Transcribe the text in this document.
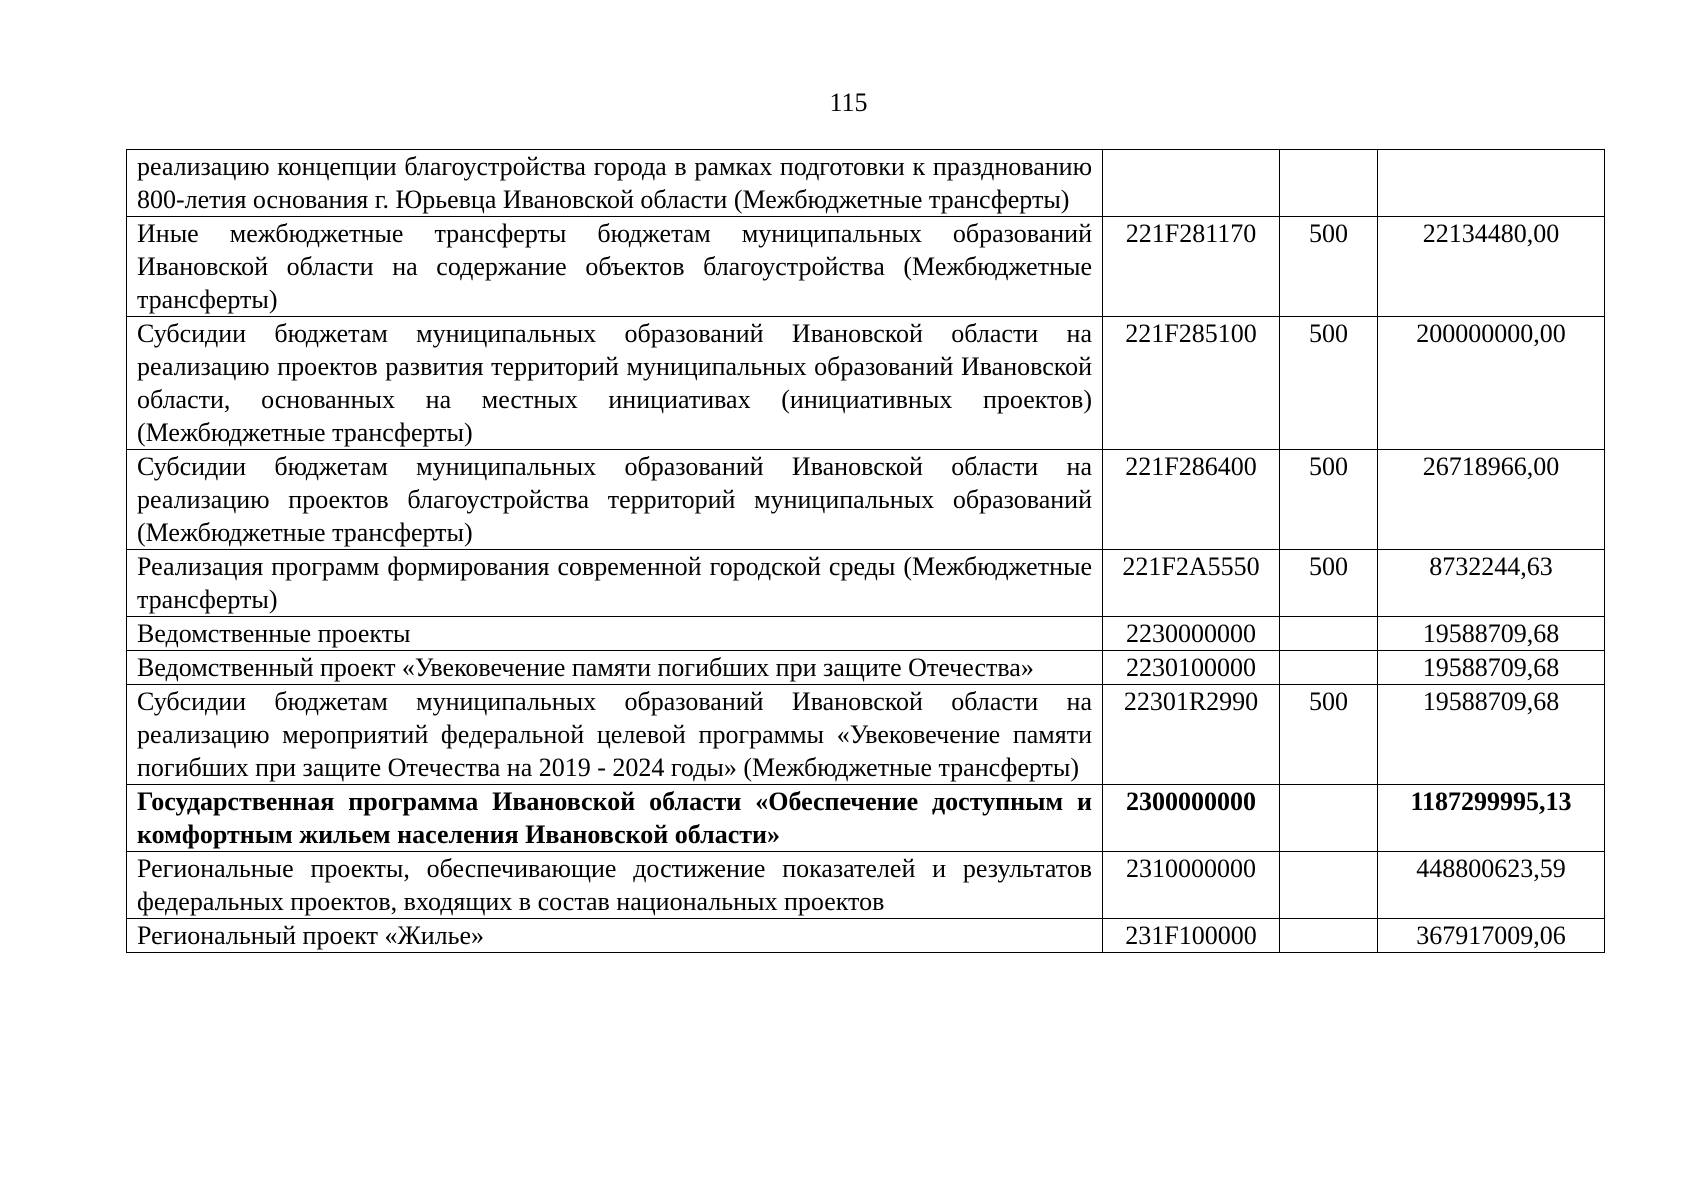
115
реализацию концепции благоустройства города в рамках подготовки к празднованию 800-летия основания г. Юрьевца Ивановской области (Межбюджетные трансферты)			
Иные межбюджетные трансферты бюджетам муниципальных образований Ивановской области на содержание объектов благоустройства (Межбюджетные трансферты)	221F281170	500	22134480,00
Субсидии бюджетам муниципальных образований Ивановской области на реализацию проектов развития территорий муниципальных образований Ивановской области, основанных на местных инициативах (инициативных проектов) (Межбюджетные трансферты)	221F285100	500	200000000,00
Субсидии бюджетам муниципальных образований Ивановской области на реализацию проектов благоустройства территорий муниципальных образований (Межбюджетные трансферты)	221F286400	500	26718966,00
Реализация программ формирования современной городской среды (Межбюджетные трансферты)	221F2A5550	500	8732244,63
Ведомственные проекты	2230000000		19588709,68
Ведомственный проект «Увековечение памяти погибших при защите Отечества»	2230100000		19588709,68
Субсидии бюджетам муниципальных образований Ивановской области на реализацию мероприятий федеральной целевой программы «Увековечение памяти погибших при защите Отечества на 2019 - 2024 годы» (Межбюджетные трансферты)	22301R2990	500	19588709,68
Государственная программа Ивановской области «Обеспечение доступным и комфортным жильем населения Ивановской области»	2300000000		1187299995,13
Региональные проекты, обеспечивающие достижение показателей и результатов федеральных проектов, входящих в состав национальных проектов	2310000000		448800623,59
Региональный проект «Жилье»	231F100000		367917009,06
